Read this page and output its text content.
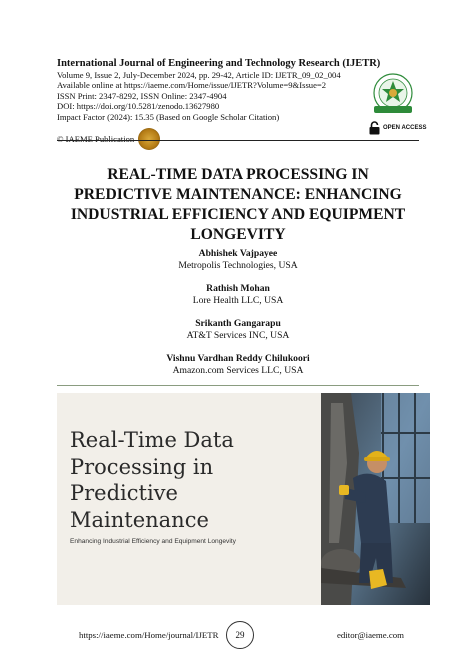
International Journal of Engineering and Technology Research (IJETR)

Volume 9, Issue 2, July-December 2024, pp. 29-42, Article ID: IJETR_09_02_004

Available online at https://iaeme.com/Home/issue/IJETR?Volume=9&Issue=2

ISSN Print: 2347-8292, ISSN Online: 2347-4904

DOI: https://doi.org/10.5281/zenodo.13627980

Impact Factor (2024): 15.35 (Based on Google Scholar Citation)

OPEN ACCESS
© IAEME Publication
REAL-TIME DATA PROCESSING IN PREDICTIVE MAINTENANCE: ENHANCING INDUSTRIAL EFFICIENCY AND EQUIPMENT LONGEVITY

Abhishek Vajpayee

Metropolis Technologies, USA

Rathish Mohan

Lore Health LLC, USA

Srikanth Gangarapu

AT&T Services INC, USA

Vishnu Vardhan Reddy Chilukoori

Amazon.com Services LLC, USA

Real-Time Data Processing in Predictive Maintenance

Enhancing Industrial Efficiency and Equipment Longevity

https://iaeme.com/Home/journal/IJETR	29	editor@iaeme.com
